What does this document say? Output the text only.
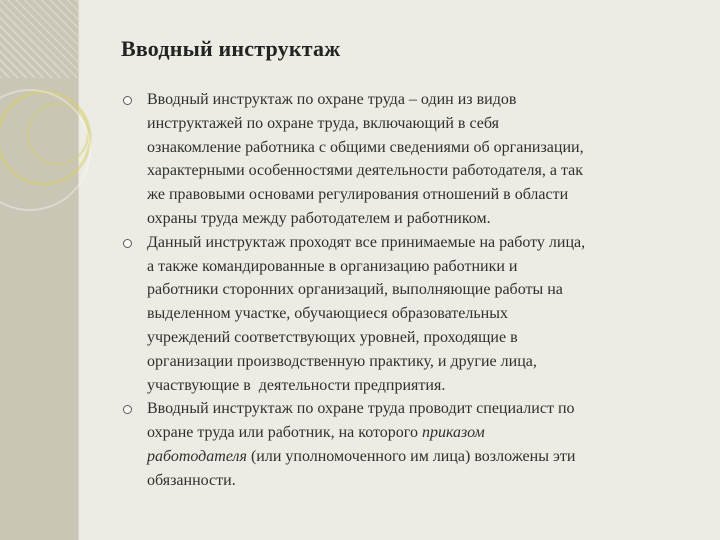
Вводный инструктаж
Вводный инструктаж по охране труда – один из видов
инструктажей по охране труда, включающий в себя
ознакомление работника с общими сведениями об организации,
характерными особенностями деятельности работодателя, а так
же правовыми основами регулирования отношений в области
охраны труда между работодателем и работником.
Данный инструктаж проходят все принимаемые на работу лица,
а также командированные в организацию работники и
работники сторонних организаций, выполняющие работы на
выделенном участке, обучающиеся образовательных
учреждений соответствующих уровней, проходящие в
организации производственную практику, и другие лица,
участвующие в  деятельности предприятия.
Вводный инструктаж по охране труда проводит специалист по
охране труда или работник, на которого приказом
работодателя (или уполномоченного им лица) возложены эти
обязанности.
